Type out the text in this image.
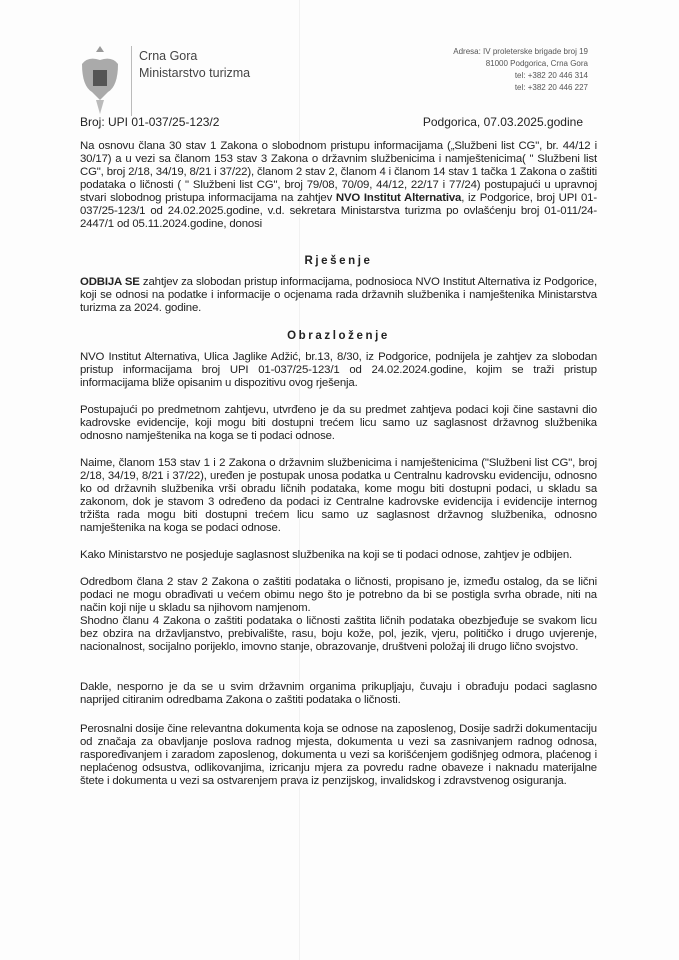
Crna Gora
Ministarstvo turizma
Adresa: IV proleterske brigade broj 19
81000 Podgorica, Crna Gora
tel: +382 20 446 314
tel: +382 20 446 227
Broj: UPI 01-037/25-123/2	Podgorica, 07.03.2025.godine

Na osnovu člana 30 stav 1 Zakona o slobodnom pristupu informacijama („Službeni list CG", br. 44/12 i 30/17) a u vezi sa članom 153 stav 3 Zakona o državnim službenicima i namještenicima( " Službeni list CG", broj 2/18, 34/19, 8/21 i 37/22), članom 2 stav 2, članom 4 i članom 14 stav 1 tačka 1 Zakona o zaštiti podataka o ličnosti ( " Službeni list CG", broj 79/08, 70/09, 44/12, 22/17 i 77/24) postupajući u upravnoj stvari slobodnog pristupa informacijama na zahtjev NVO Institut Alternativa, iz Podgorice, broj UPI 01-037/25-123/1 od 24.02.2025.godine, v.d. sekretara Ministarstva turizma po ovlašćenju broj 01-011/24-2447/1 od 05.11.2024.godine, donosi

Rješenje

ODBIJA SE zahtjev za slobodan pristup informacijama, podnosioca NVO Institut Alternativa iz Podgorice, koji se odnosi na podatke i informacije o ocjenama rada državnih službenika i namještenika Ministarstva turizma za 2024. godine.

Obrazloženje

NVO Institut Alternativa, Ulica Jaglike Adžić, br.13, 8/30, iz Podgorice, podnijela je zahtjev za slobodan pristup informacijama broj UPI 01-037/25-123/1 od 24.02.2024.godine, kojim se traži pristup informacijama bliže opisanim u dispozitivu ovog rješenja.

Postupajući po predmetnom zahtjevu, utvrđeno je da su predmet zahtjeva podaci koji čine sastavni dio kadrovske evidencije, koji mogu biti dostupni trećem licu samo uz saglasnost državnog službenika odnosno namještenika na koga se ti podaci odnose.

Naime, članom 153 stav 1 i 2 Zakona o državnim službenicima i namještenicima ("Službeni list CG", broj 2/18, 34/19, 8/21 i 37/22), uređen je postupak unosa podatka u Centralnu kadrovsku evidenciju, odnosno ko od državnih službenika vrši obradu ličnih podataka, kome mogu biti dostupni podaci, u skladu sa zakonom, dok je stavom 3 određeno da podaci iz Centralne kadrovske evidencija i evidencije internog tržišta rada mogu biti dostupni trećem licu samo uz saglasnost državnog službenika, odnosno namještenika na koga se podaci odnose.

Kako Ministarstvo ne posjeduje saglasnost službenika na koji se ti podaci odnose, zahtjev je odbijen.

Odredbom člana 2 stav 2 Zakona o zaštiti podataka o ličnosti, propisano je, između ostalog, da se lični podaci ne mogu obrađivati u većem obimu nego što je potrebno da bi se postigla svrha obrade, niti na način koji nije u skladu sa njihovom namjenom.

Shodno članu 4 Zakona o zaštiti podataka o ličnosti zaštita ličnih podataka obezbjeđuje se svakom licu bez obzira na državljanstvo, prebivalište, rasu, boju kože, pol, jezik, vjeru, političko i drugo uvjerenje, nacionalnost, socijalno porijeklo, imovno stanje, obrazovanje, društveni položaj ili drugo lično svojstvo.

Dakle, nesporno je da se u svim državnim organima prikupljaju, čuvaju i obrađuju podaci saglasno naprijed citiranim odredbama Zakona o zaštiti podataka o ličnosti.

Perosnalni dosije čine relevantna dokumenta koja se odnose na zaposlenog, Dosije sadrži dokumentaciju od značaja za obavljanje poslova radnog mjesta, dokumenta u vezi sa zasnivanjem radnog odnosa, raspoređivanjem i zaradom zaposlenog, dokumenta u vezi sa korišćenjem godišnjeg odmora, plaćenog i neplaćenog odsustva, odlikovanjima, izricanju mjera za povredu radne obaveze i naknadu materijalne štete i dokumenta u vezi sa ostvarenjem prava iz penzijskog, invalidskog i zdravstvenog osiguranja.
